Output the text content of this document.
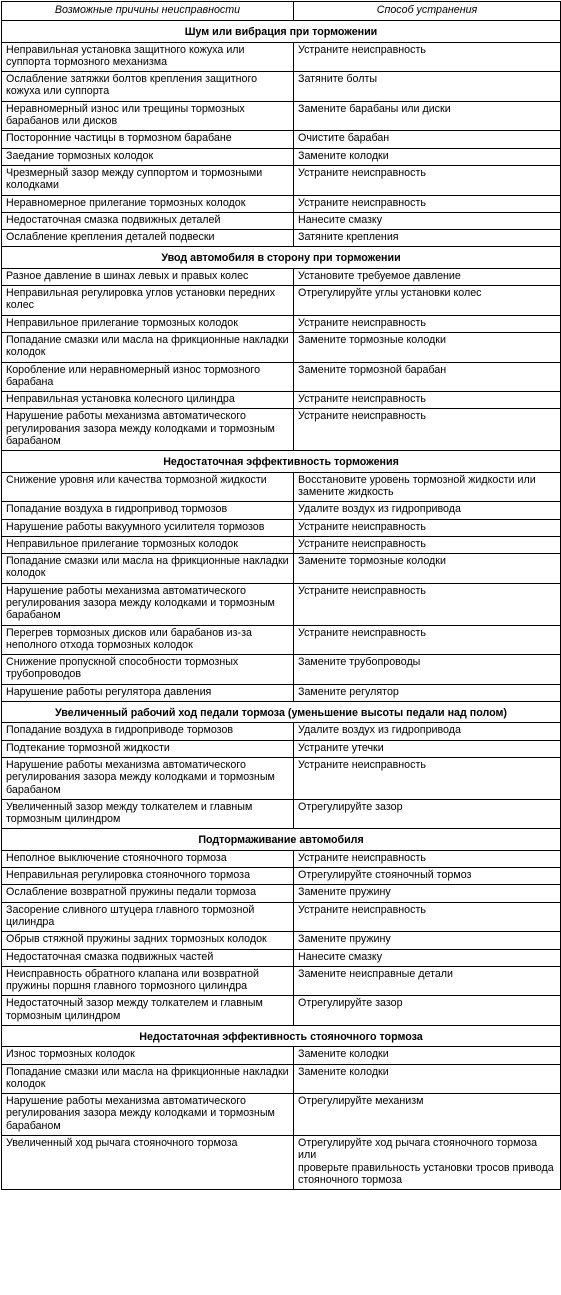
Возможные причины неисправности	Способ устранения
Шум или вибрация при торможении	
Неправильная установка защитного кожуха или
суппорта тормозного механизма	Устраните неисправность
Ослабление затяжки болтов крепления защитного
кожуха или суппорта	Затяните болты
Неравномерный износ или трещины тормозных
барабанов или дисков	Замените барабаны или диски
Посторонние частицы в тормозном барабане	Очистите барабан
Заедание тормозных колодок	Замените колодки
Чрезмерный зазор между суппортом и тормозными
колодками	Устраните неисправность
Неравномерное прилегание тормозных колодок	Устраните неисправность
Недостаточная смазка подвижных деталей	Нанесите смазку
Ослабление крепления деталей подвески	Затяните крепления
Увод автомобиля в сторону при торможении	
Разное давление в шинах левых и правых колес	Установите требуемое давление
Неправильная регулировка углов установки передних
колес	Отрегулируйте углы установки колес
Неправильное прилегание тормозных колодок	Устраните неисправность
Попадание смазки или масла на фрикционные накладки
колодок	Замените тормозные колодки
Коробление или неравномерный износ тормозного
барабана	Замените тормозной барабан
Неправильная установка колесного цилиндра	Устраните неисправность
Нарушение работы механизма автоматического
регулирования зазора между колодками и тормозным
барабаном	Устраните неисправность
Недостаточная эффективность торможения	
Снижение уровня или качества тормозной жидкости	Восстановите уровень тормозной жидкости или
замените жидкость
Попадание воздуха в гидропривод тормозов	Удалите воздух из гидропривода
Нарушение работы вакуумного усилителя тормозов	Устраните неисправность
Неправильное прилегание тормозных колодок	Устраните неисправность
Попадание смазки или масла на фрикционные накладки
колодок	Замените тормозные колодки
Нарушение работы механизма автоматического
регулирования зазора между колодками и тормозным
барабаном	Устраните неисправность
Перегрев тормозных дисков или барабанов из-за
неполного отхода тормозных колодок	Устраните неисправность
Снижение пропускной способности тормозных
трубопроводов	Замените трубопроводы
Нарушение работы регулятора давления	Замените регулятор
Увеличенный рабочий ход педали тормоза (уменьшение высоты педали над полом)	
Попадание воздуха в гидроприводе тормозов	Удалите воздух из гидропривода
Подтекание тормозной жидкости	Устраните утечки
Нарушение работы механизма автоматического
регулирования зазора между колодками и тормозным
барабаном	Устраните неисправность
Увеличенный зазор между толкателем и главным
тормозным цилиндром	Отрегулируйте зазор
Подтормаживание автомобиля	
Неполное выключение стояночного тормоза	Устраните неисправность
Неправильная регулировка стояночного тормоза	Отрегулируйте стояночный тормоз
Ослабление возвратной пружины педали тормоза	Замените пружину
Засорение сливного штуцера главного тормозной
цилиндра	Устраните неисправность
Обрыв стяжной пружины задних тормозных колодок	Замените пружину
Недостаточная смазка подвижных частей	Нанесите смазку
Неисправность обратного клапана или возвратной
пружины поршня главного тормозного цилиндра	Замените неисправные детали
Недостаточный зазор между толкателем и главным
тормозным цилиндром	Отрегулируйте зазор
Недостаточная эффективность стояночного тормоза	
Износ тормозных колодок	Замените колодки
Попадание смазки или масла на фрикционные накладки
колодок	Замените колодки
Нарушение работы механизма автоматического
регулирования зазора между колодками и тормозным
барабаном	Отрегулируйте механизм
Увеличенный ход рычага стояночного тормоза	Отрегулируйте ход рычага стояночного тормоза или
проверьте правильность установки тросов привода
стояночного тормоза
